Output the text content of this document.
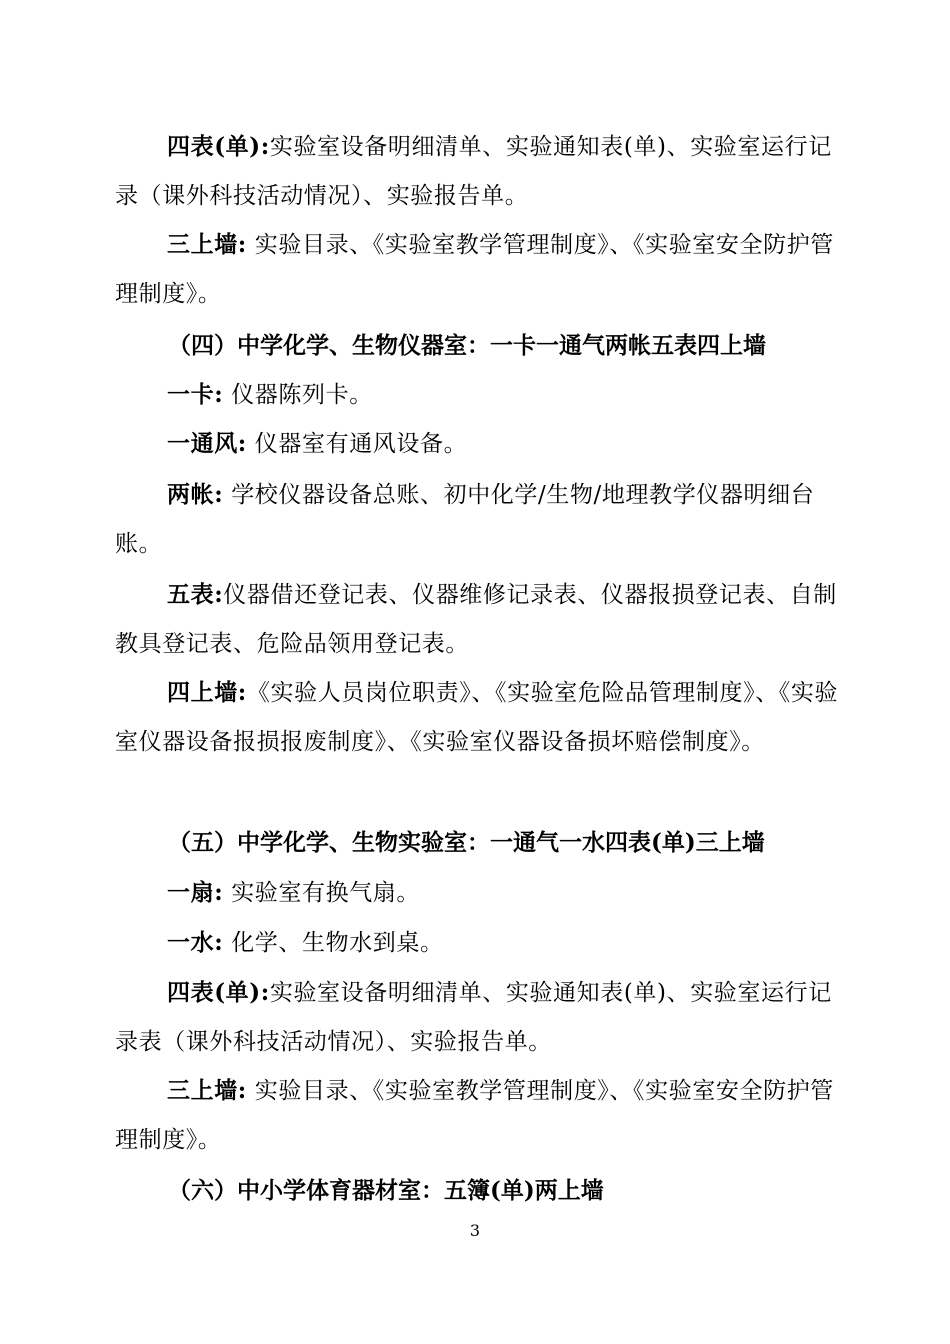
四表(单):实验室设备明细清单、实验通知表(单)、实验室运行记录（课外科技活动情况）、实验报告单。

三上墙: 实验目录、《实验室教学管理制度》、《实验室安全防护管理制度》。

（四）中学化学、生物仪器室：一卡一通气两帐五表四上墙

一卡: 仪器陈列卡。

一通风: 仪器室有通风设备。

两帐: 学校仪器设备总账、初中化学/生物/地理教学仪器明细台账。

五表:仪器借还登记表、仪器维修记录表、仪器报损登记表、自制教具登记表、危险品领用登记表。

四上墙:《实验人员岗位职责》、《实验室危险品管理制度》、《实验室仪器设备报损报废制度》、《实验室仪器设备损坏赔偿制度》。

（五）中学化学、生物实验室：一通气一水四表(单)三上墙

一扇: 实验室有换气扇。

一水: 化学、生物水到桌。

四表(单):实验室设备明细清单、实验通知表(单)、实验室运行记录表（课外科技活动情况）、实验报告单。

三上墙: 实验目录、《实验室教学管理制度》、《实验室安全防护管理制度》。

（六）中小学体育器材室：五簿(单)两上墙
3
